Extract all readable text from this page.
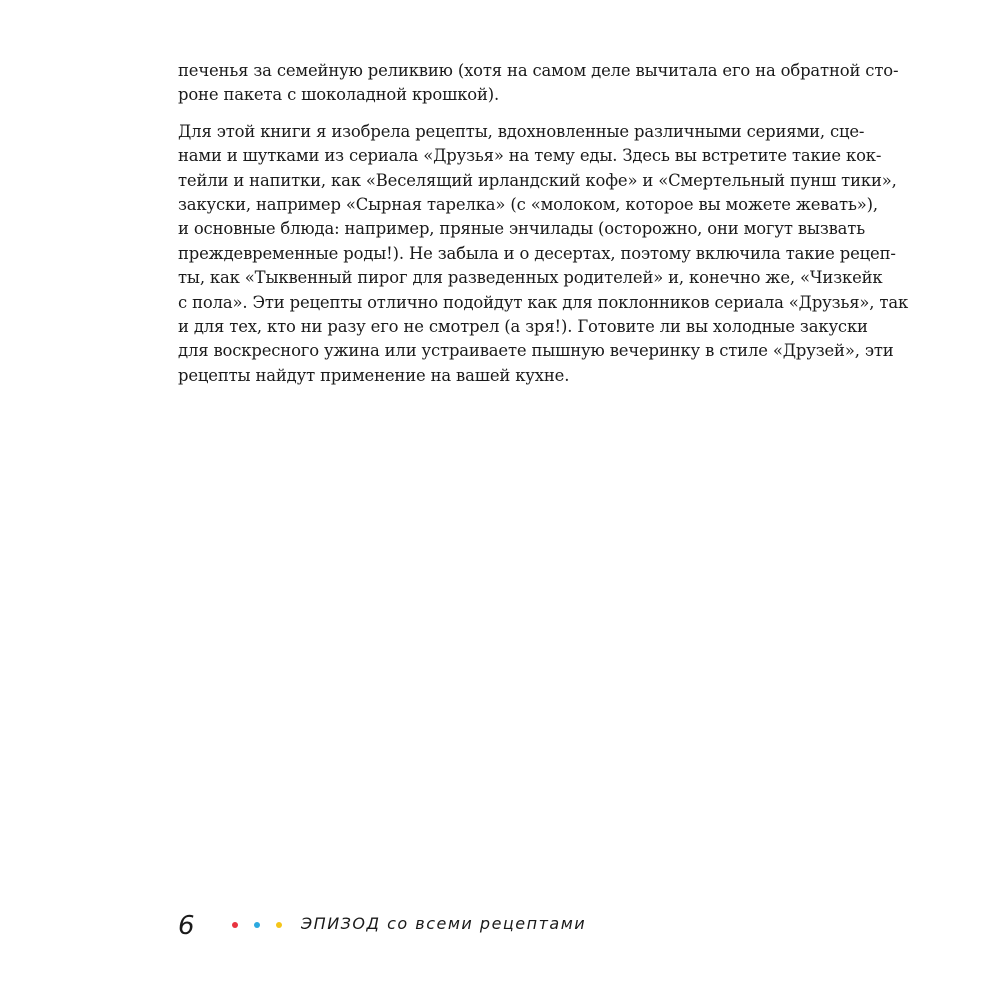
печенья за семейную реликвию (хотя на самом деле вычитала его на обратной сто-
роне пакета с шоколадной крошкой).

Для этой книги я изобрела рецепты, вдохновленные различными сериями, сце-
нами и шутками из сериала «Друзья» на тему еды. Здесь вы встретите такие кок-
тейли и напитки, как «Веселящий ирландский кофе» и «Смертельный пунш тики»,
закуски, например «Сырная тарелка» (с «молоком, которое вы можете жевать»),
и основные блюда: например, пряные энчилады (осторожно, они могут вызвать
преждевременные роды!). Не забыла и о десертах, поэтому включила такие рецеп-
ты, как «Тыквенный пирог для разведенных родителей» и, конечно же, «Чизкейк
с пола». Эти рецепты отлично подойдут как для поклонников сериала «Друзья», так
и для тех, кто ни разу его не смотрел (а зря!). Готовите ли вы холодные закуски
для воскресного ужина или устраиваете пышную вечеринку в стиле «Друзей», эти
рецепты найдут применение на вашей кухне.

6	ЭПИЗОД со всеми рецептами
